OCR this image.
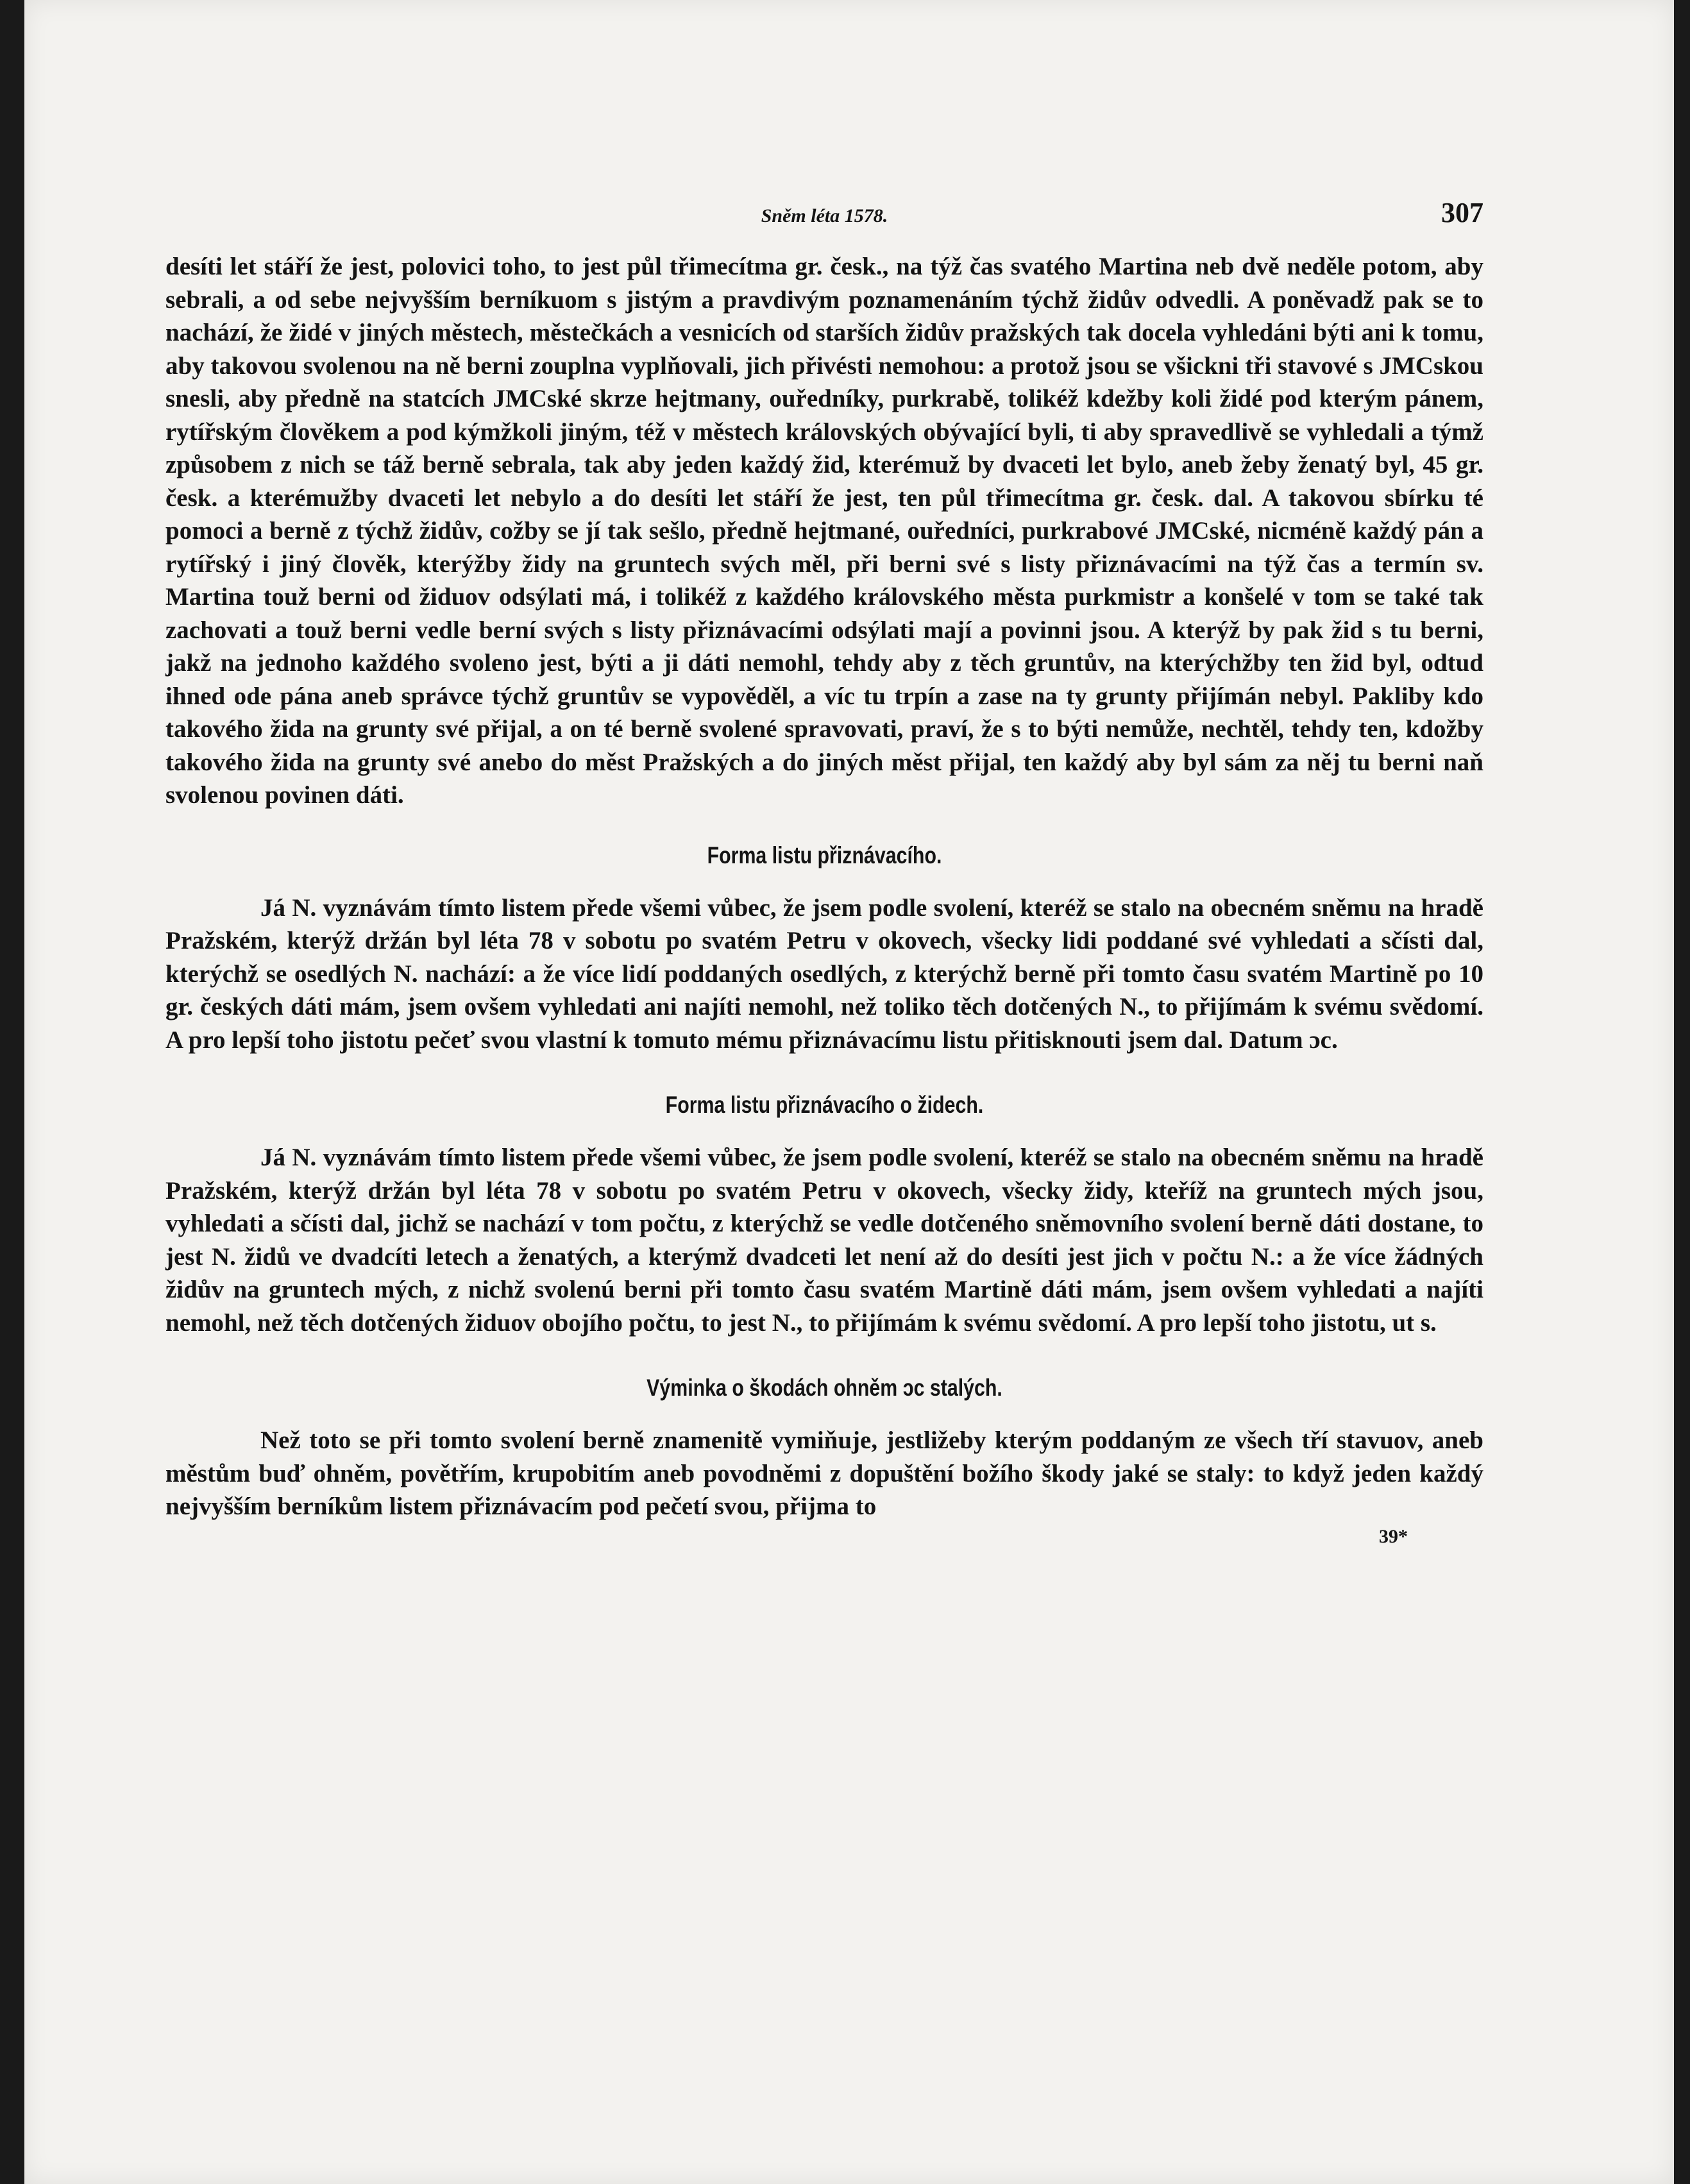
Sněm léta 1578.	307

desíti let stáří že jest, polovici toho, to jest půl třimecítma gr. česk., na týž čas svatého Martina neb dvě neděle potom, aby sebrali, a od sebe nejvyšším berníkuom s jistým a pravdivým poznamenáním týchž židův odvedli. A poněvadž pak se to nachází, že židé v jiných městech, městečkách a vesnicích od starších židův pražských tak docela vyhledáni býti ani k tomu, aby takovou svolenou na ně berni zouplna vyplňovali, jich přivésti nemohou: a protož jsou se všickni tři stavové s JMCskou snesli, aby předně na statcích JMCské skrze hejtmany, ouředníky, purkrabě, tolikéž kdežby koli židé pod kterým pánem, rytířským člověkem a pod kýmžkoli jiným, též v městech královských obývající byli, ti aby spravedlivě se vyhledali a týmž způsobem z nich se táž berně sebrala, tak aby jeden každý žid, kterémuž by dvaceti let bylo, aneb žeby ženatý byl, 45 gr. česk. a kterémužby dvaceti let nebylo a do desíti let stáří že jest, ten půl třimecítma gr. česk. dal. A takovou sbírku té pomoci a berně z týchž židův, cožby se jí tak sešlo, předně hejtmané, ouředníci, purkrabové JMCské, nicméně každý pán a rytířský i jiný člověk, kterýžby židy na gruntech svých měl, při berni své s listy přiznávacími na týž čas a termín sv. Martina touž berni od židuov odsýlati má, i tolikéž z každého královského města purkmistr a konšelé v tom se také tak zachovati a touž berni vedle berní svých s listy přiznávacími odsýlati mají a povinni jsou. A kterýž by pak žid s tu berni, jakž na jednoho každého svoleno jest, býti a ji dáti nemohl, tehdy aby z těch gruntův, na kterýchžby ten žid byl, odtud ihned ode pána aneb správce týchž gruntův se vypověděl, a víc tu trpín a zase na ty grunty přijímán nebyl. Pakliby kdo takového žida na grunty své přijal, a on té berně svolené spravovati, praví, že s to býti nemůže, nechtěl, tehdy ten, kdožby takového žida na grunty své anebo do měst Pražských a do jiných měst přijal, ten každý aby byl sám za něj tu berni naň svolenou povinen dáti.

Forma listu přiznávacího.

Já N. vyznávám tímto listem přede všemi vůbec, že jsem podle svolení, kteréž se stalo na obecném sněmu na hradě Pražském, kterýž držán byl léta 78 v sobotu po svatém Petru v okovech, všecky lidi poddané své vyhledati a sčísti dal, kterýchž se osedlých N. nachází: a že více lidí poddaných osedlých, z kterýchž berně při tomto času svatém Martině po 10 gr. českých dáti mám, jsem ovšem vyhledati ani najíti nemohl, než toliko těch dotčených N., to přijímám k svému svědomí. A pro lepší toho jistotu pečeť svou vlastní k tomuto mému přiznávacímu listu přitisknouti jsem dal. Datum ɔc.

Forma listu přiznávacího o židech.

Já N. vyznávám tímto listem přede všemi vůbec, že jsem podle svolení, kteréž se stalo na obecném sněmu na hradě Pražském, kterýž držán byl léta 78 v sobotu po svatém Petru v okovech, všecky židy, kteříž na gruntech mých jsou, vyhledati a sčísti dal, jichž se nachází v tom počtu, z kterýchž se vedle dotčeného sněmovního svolení berně dáti dostane, to jest N. židů ve dvadcíti letech a ženatých, a kterýmž dvadceti let není až do desíti jest jich v počtu N.: a že více žádných židův na gruntech mých, z nichž svolenú berni při tomto času svatém Martině dáti mám, jsem ovšem vyhledati a najíti nemohl, než těch dotčených židuov obojího počtu, to jest N., to přijímám k svému svědomí. A pro lepší toho jistotu, ut s.

Výminka o škodách ohněm ɔc stalých.

Než toto se při tomto svolení berně znamenitě vymiňuje, jestližeby kterým poddaným ze všech tří stavuov, aneb městům buď ohněm, povětřím, krupobitím aneb povodněmi z dopuštění božího škody jaké se staly: to když jeden každý nejvyšším berníkům listem přiznávacím pod pečetí svou, přijma to

39*
